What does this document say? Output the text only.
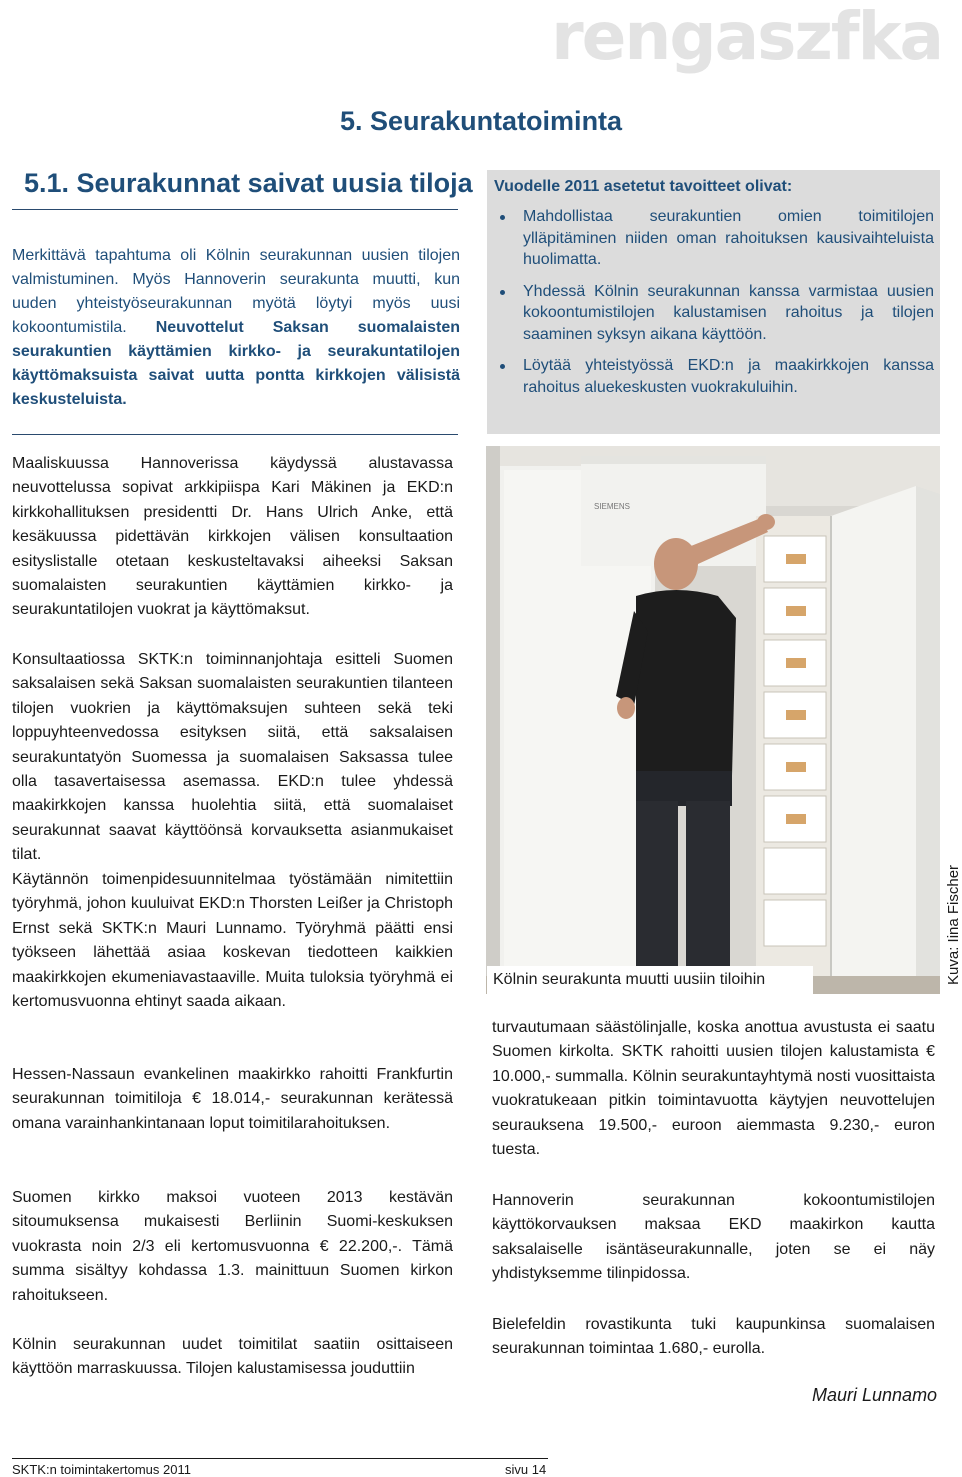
rengaszfka
5. Seurakuntatoiminta
5.1. Seurakunnat saivat uusia tiloja

Merkittävä tapahtuma oli Kölnin seurakunnan uusien tilojen valmistuminen. Myös Hannoverin seurakunta muutti, kun uuden yhteistyöseurakunnan myötä löytyi myös uusi kokoontumistila. Neuvottelut Saksan suomalaisten seurakuntien käyttämien kirkko- ja seurakuntatilojen käyttömaksuista saivat uutta pontta kirkkojen välisistä keskusteluista.

Vuodelle 2011 asetetut tavoitteet olivat:
Mahdollistaa seurakuntien omien toimitilojen ylläpitäminen niiden oman rahoituksen kausivaihteluista huolimatta.
Yhdessä Kölnin seurakunnan kanssa varmistaa uusien kokoontumistilojen kalustamisen rahoitus ja tilojen saaminen syksyn aikana käyttöön.
Löytää yhteistyössä EKD:n ja maakirkkojen kanssa rahoitus aluekeskusten vuokrakuluihin.

Maaliskuussa Hannoverissa käydyssä alustavassa neuvottelussa sopivat arkkipiispa Kari Mäkinen ja EKD:n kirkkohallituksen presidentti Dr. Hans Ulrich Anke, että kesäkuussa pidettävän kirkkojen välisen konsultaation esityslistalle otetaan keskusteltavaksi aiheeksi Saksan suomalaisten seurakuntien käyttämien kirkko- ja seurakuntatilojen vuokrat ja käyttömaksut.

Konsultaatiossa SKTK:n toiminnanjohtaja esitteli Suomen saksalaisen sekä Saksan suomalaisten seurakuntien tilanteen tilojen vuokrien ja käyttömaksujen suhteen sekä teki loppuyhteenvedossa esityksen siitä, että saksalaisen seurakuntatyön Suomessa ja suomalaisen Saksassa tulee olla tasavertaisessa asemassa. EKD:n tulee yhdessä maakirkkojen kanssa huolehtia siitä, että suomalaiset seurakunnat saavat käyttöönsä korvauksetta asianmukaiset tilat.

Käytännön toimenpidesuunnitelmaa työstämään nimitettiin työryhmä, johon kuuluivat EKD:n Thorsten Leißer ja Christoph Ernst sekä SKTK:n Mauri Lunnamo. Työryhmä päätti ensi työkseen lähettää asiaa koskevan tiedotteen kaikkien maakirkkojen ekumeniavastaaville. Muita tuloksia työryhmä ei kertomusvuonna ehtinyt saada aikaan.

Hessen-Nassaun evankelinen maakirkko rahoitti Frankfurtin seurakunnan toimitiloja € 18.014,- seurakunnan kerätessä omana varainhankintanaan loput toimitilarahoituksen.

Suomen kirkko maksoi vuoteen 2013 kestävän sitoumuksensa mukaisesti Berliinin Suomi-keskuksen vuokrasta noin 2/3 eli kertomusvuonna € 22.200,-. Tämä summa sisältyy kohdassa 1.3. mainittuun Suomen kirkon rahoitukseen.

Kölnin seurakunnan uudet toimitilat saatiin osittaiseen käyttöön marraskuussa. Tilojen kalustamisessa jouduttiin

SIEMENS
Kölnin seurakunta muutti uusiin tiloihin	Kuva: Iina Fischer

turvautumaan säästölinjalle, koska anottua avustusta ei saatu Suomen kirkolta. SKTK rahoitti uusien tilojen kalustamista € 10.000,- summalla. Kölnin seurakuntayhtymä nosti vuosittaista vuokratukeaan pitkin toimintavuotta käytyjen neuvottelujen seurauksena 19.500,- euroon aiemmasta 9.230,- euron tuesta.

Hannoverin seurakunnan kokoontumistilojen käyttökorvauksen maksaa EKD maakirkon kautta saksalaiselle isäntäseurakunnalle, joten se ei näy yhdistyksemme tilinpidossa.

Bielefeldin rovastikunta tuki kaupunkinsa suomalaisen seurakunnan toimintaa 1.680,- eurolla.

Mauri Lunnamo

SKTK:n toimintakertomus 2011	sivu 14
